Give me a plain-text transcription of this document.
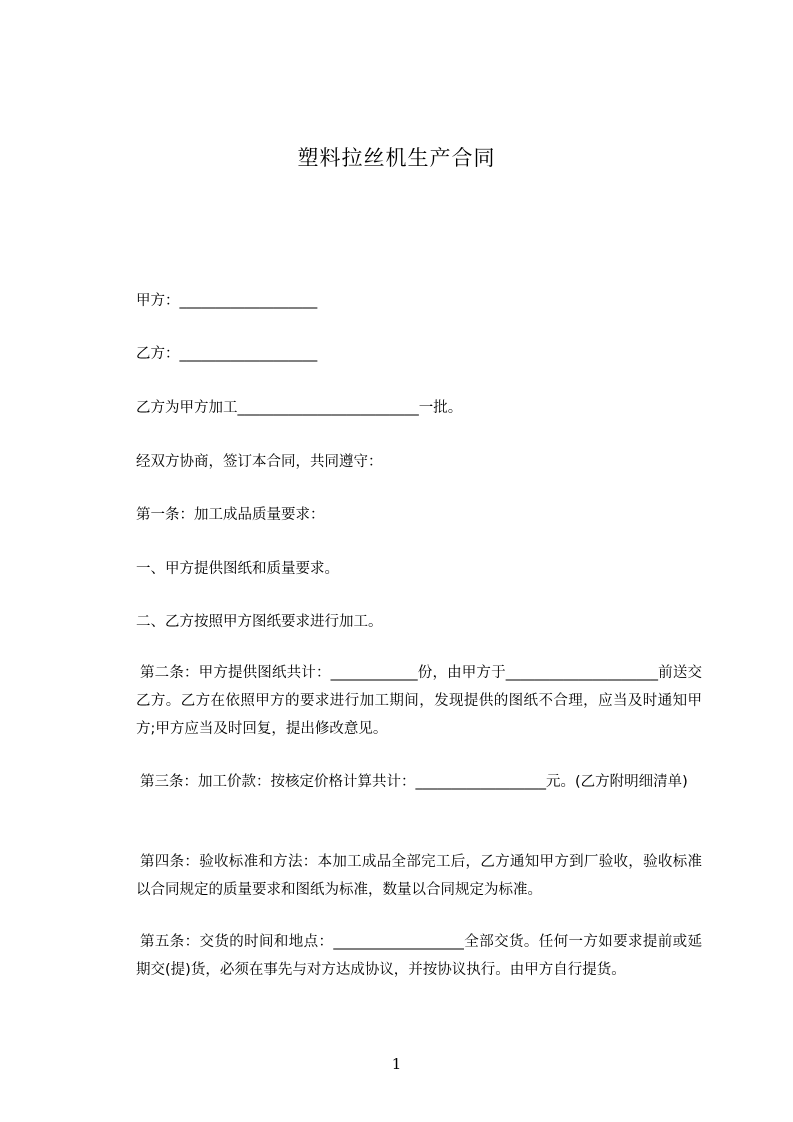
塑料拉丝机生产合同
甲方：___________________
乙方：___________________
乙方为甲方加工_________________________一批。
经双方协商，签订本合同，共同遵守：
第一条：加工成品质量要求：
一、甲方提供图纸和质量要求。
二、乙方按照甲方图纸要求进行加工。

第二条：甲方提供图纸共计：____________份，由甲方于_____________________前送交乙方。乙方在依照甲方的要求进行加工期间，发现提供的图纸不合理，应当及时通知甲方;甲方应当及时回复，提出修改意见。

第三条：加工价款：按核定价格计算共计：__________________元。(乙方附明细清单)

第四条：验收标准和方法：本加工成品全部完工后，乙方通知甲方到厂验收，验收标准以合同规定的质量要求和图纸为标准，数量以合同规定为标准。

第五条：交货的时间和地点：__________________全部交货。任何一方如要求提前或延期交(提)货，必须在事先与对方达成协议，并按协议执行。由甲方自行提货。

1
